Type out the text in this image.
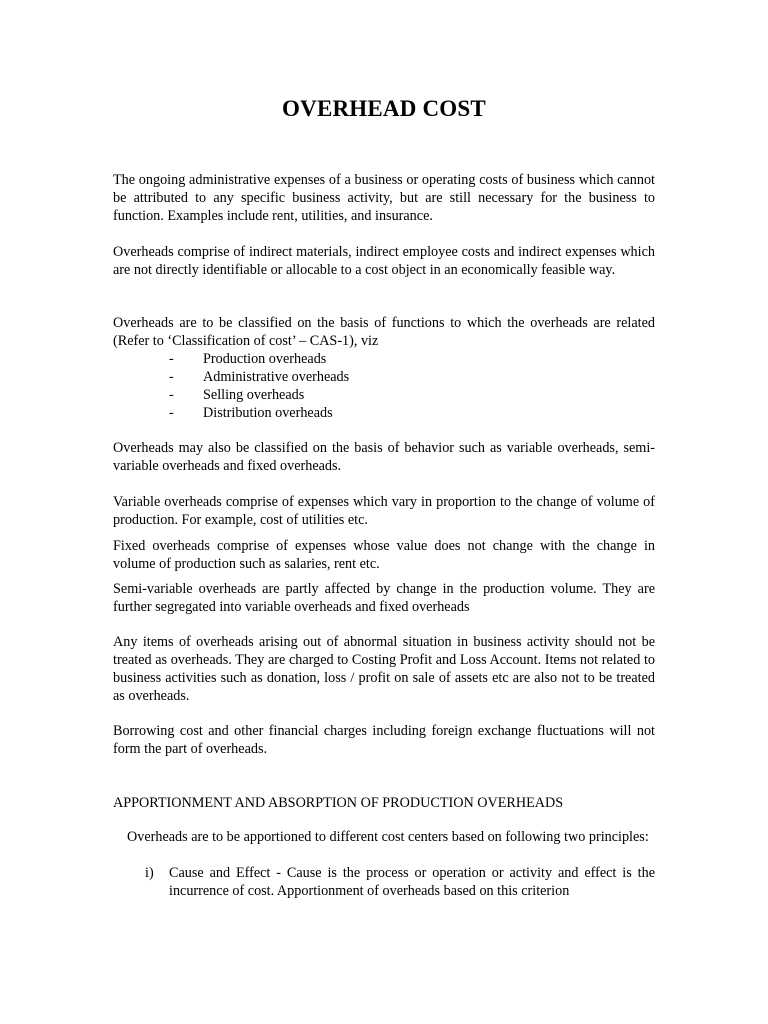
OVERHEAD COST

The ongoing administrative expenses of a business or operating costs of business which cannot be attributed to any specific business activity, but are still necessary for the business to function. Examples include rent, utilities, and insurance.

Overheads comprise of indirect materials, indirect employee costs and indirect expenses which are not directly identifiable or allocable to a cost object in an economically feasible way.

Overheads are to be classified on the basis of functions to which the overheads are related (Refer to ‘Classification of cost’ – CAS-1), viz

- Production overheads
- Administrative overheads
- Selling overheads
- Distribution overheads

Overheads may also be classified on the basis of behavior such as variable overheads, semi-variable overheads and fixed overheads.

Variable overheads comprise of expenses which vary in proportion to the change of volume of production. For example, cost of utilities etc.

Fixed overheads comprise of expenses whose value does not change with the change in volume of production such as salaries, rent etc.

Semi-variable overheads are partly affected by change in the production volume. They are further segregated into variable overheads and fixed overheads

Any items of overheads arising out of abnormal situation in business activity should not be treated as overheads. They are charged to Costing Profit and Loss Account. Items not related to business activities such as donation, loss / profit on sale of assets etc are also not to be treated as overheads.

Borrowing cost and other financial charges including foreign exchange fluctuations will not form the part of overheads.

APPORTIONMENT AND ABSORPTION OF PRODUCTION OVERHEADS

Overheads are to be apportioned to different cost centers based on following two principles:

i) Cause and Effect - Cause is the process or operation or activity and effect is the incurrence of cost. Apportionment of overheads based on this criterion
